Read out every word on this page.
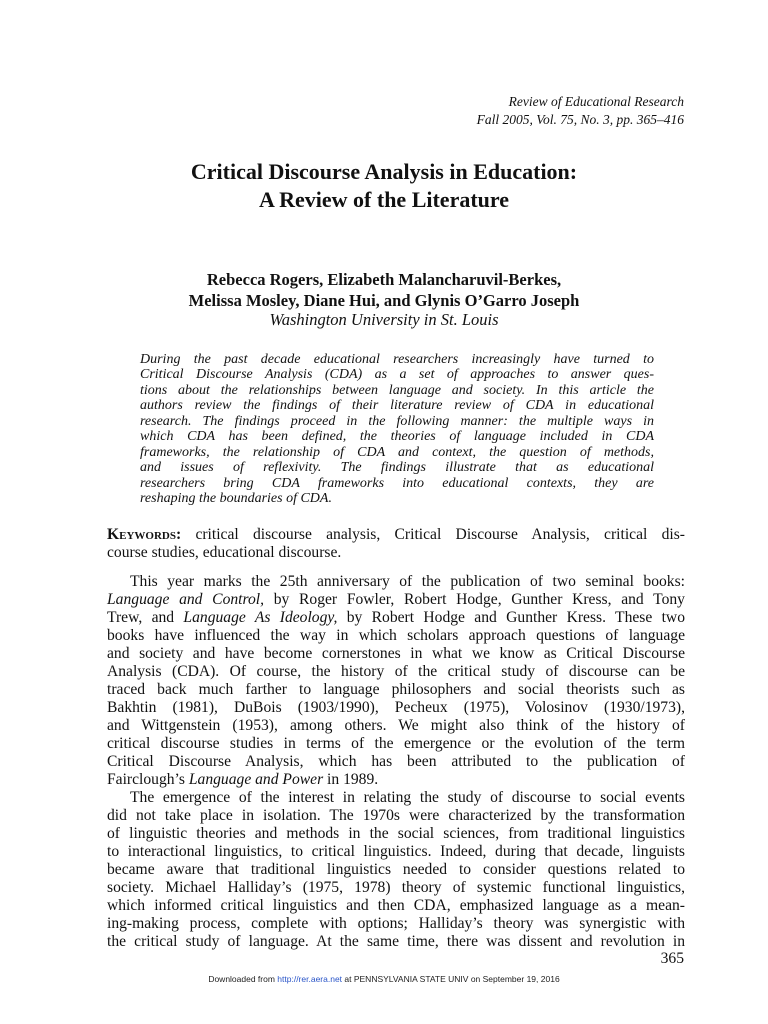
Review of Educational Research
Fall 2005, Vol. 75, No. 3, pp. 365–416
Critical Discourse Analysis in Education:
A Review of the Literature
Rebecca Rogers, Elizabeth Malancharuvil-Berkes,
Melissa Mosley, Diane Hui, and Glynis O’Garro Joseph
Washington University in St. Louis
During the past decade educational researchers increasingly have turned to
Critical Discourse Analysis (CDA) as a set of approaches to answer ques-
tions about the relationships between language and society. In this article the
authors review the findings of their literature review of CDA in educational
research. The findings proceed in the following manner: the multiple ways in
which CDA has been defined, the theories of language included in CDA
frameworks, the relationship of CDA and context, the question of methods,
and issues of reflexivity. The findings illustrate that as educational
researchers bring CDA frameworks into educational contexts, they are
reshaping the boundaries of CDA.
Keywords: critical discourse analysis, Critical Discourse Analysis, critical dis-
course studies, educational discourse.
This year marks the 25th anniversary of the publication of two seminal books:
Language and Control, by Roger Fowler, Robert Hodge, Gunther Kress, and Tony
Trew, and Language As Ideology, by Robert Hodge and Gunther Kress. These two
books have influenced the way in which scholars approach questions of language
and society and have become cornerstones in what we know as Critical Discourse
Analysis (CDA). Of course, the history of the critical study of discourse can be
traced back much farther to language philosophers and social theorists such as
Bakhtin (1981), DuBois (1903/1990), Pecheux (1975), Volosinov (1930/1973),
and Wittgenstein (1953), among others. We might also think of the history of
critical discourse studies in terms of the emergence or the evolution of the term
Critical Discourse Analysis, which has been attributed to the publication of
Fairclough’s Language and Power in 1989.
The emergence of the interest in relating the study of discourse to social events
did not take place in isolation. The 1970s were characterized by the transformation
of linguistic theories and methods in the social sciences, from traditional linguistics
to interactional linguistics, to critical linguistics. Indeed, during that decade, linguists
became aware that traditional linguistics needed to consider questions related to
society. Michael Halliday’s (1975, 1978) theory of systemic functional linguistics,
which informed critical linguistics and then CDA, emphasized language as a mean-
ing-making process, complete with options; Halliday’s theory was synergistic with
the critical study of language. At the same time, there was dissent and revolution in
365
Downloaded from http://rer.aera.net at PENNSYLVANIA STATE UNIV on September 19, 2016
